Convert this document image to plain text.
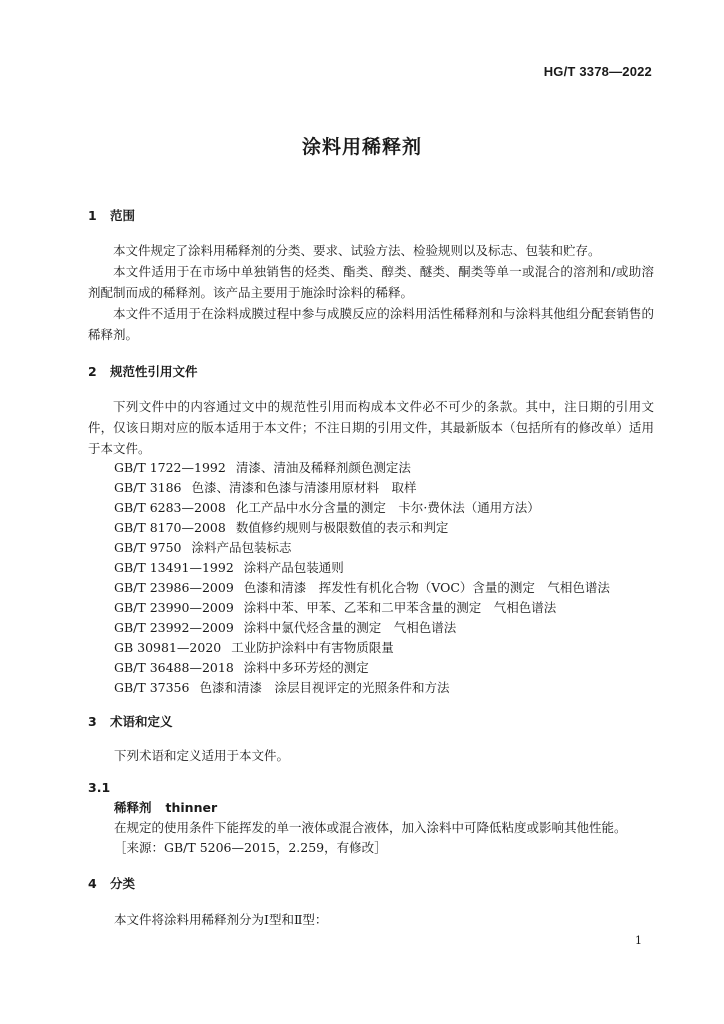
HG/T 3378—2022
涂料用稀释剂
1 范围

本文件规定了涂料用稀释剂的分类、要求、试验方法、检验规则以及标志、包装和贮存。

本文件适用于在市场中单独销售的烃类、酯类、醇类、醚类、酮类等单一或混合的溶剂和/或助溶剂配制而成的稀释剂。该产品主要用于施涂时涂料的稀释。

本文件不适用于在涂料成膜过程中参与成膜反应的涂料用活性稀释剂和与涂料其他组分配套销售的稀释剂。

2 规范性引用文件

下列文件中的内容通过文中的规范性引用而构成本文件必不可少的条款。其中，注日期的引用文件，仅该日期对应的版本适用于本文件；不注日期的引用文件，其最新版本（包括所有的修改单）适用于本文件。

GB/T 1722—1992 清漆、清油及稀释剂颜色测定法
GB/T 3186 色漆、清漆和色漆与清漆用原材料　取样
GB/T 6283—2008 化工产品中水分含量的测定　卡尔·费休法（通用方法）
GB/T 8170—2008 数值修约规则与极限数值的表示和判定
GB/T 9750 涂料产品包装标志
GB/T 13491—1992 涂料产品包装通则
GB/T 23986—2009 色漆和清漆　挥发性有机化合物（VOC）含量的测定　气相色谱法
GB/T 23990—2009 涂料中苯、甲苯、乙苯和二甲苯含量的测定　气相色谱法
GB/T 23992—2009 涂料中氯代烃含量的测定　气相色谱法
GB 30981—2020 工业防护涂料中有害物质限量
GB/T 36488—2018 涂料中多环芳烃的测定
GB/T 37356 色漆和清漆　涂层目视评定的光照条件和方法
3 术语和定义
下列术语和定义适用于本文件。
3.1
稀释剂 thinner
在规定的使用条件下能挥发的单一液体或混合液体，加入涂料中可降低粘度或影响其他性能。
［来源：GB/T 5206—2015，2.259，有修改］
4 分类
本文件将涂料用稀释剂分为Ⅰ型和Ⅱ型：
1
